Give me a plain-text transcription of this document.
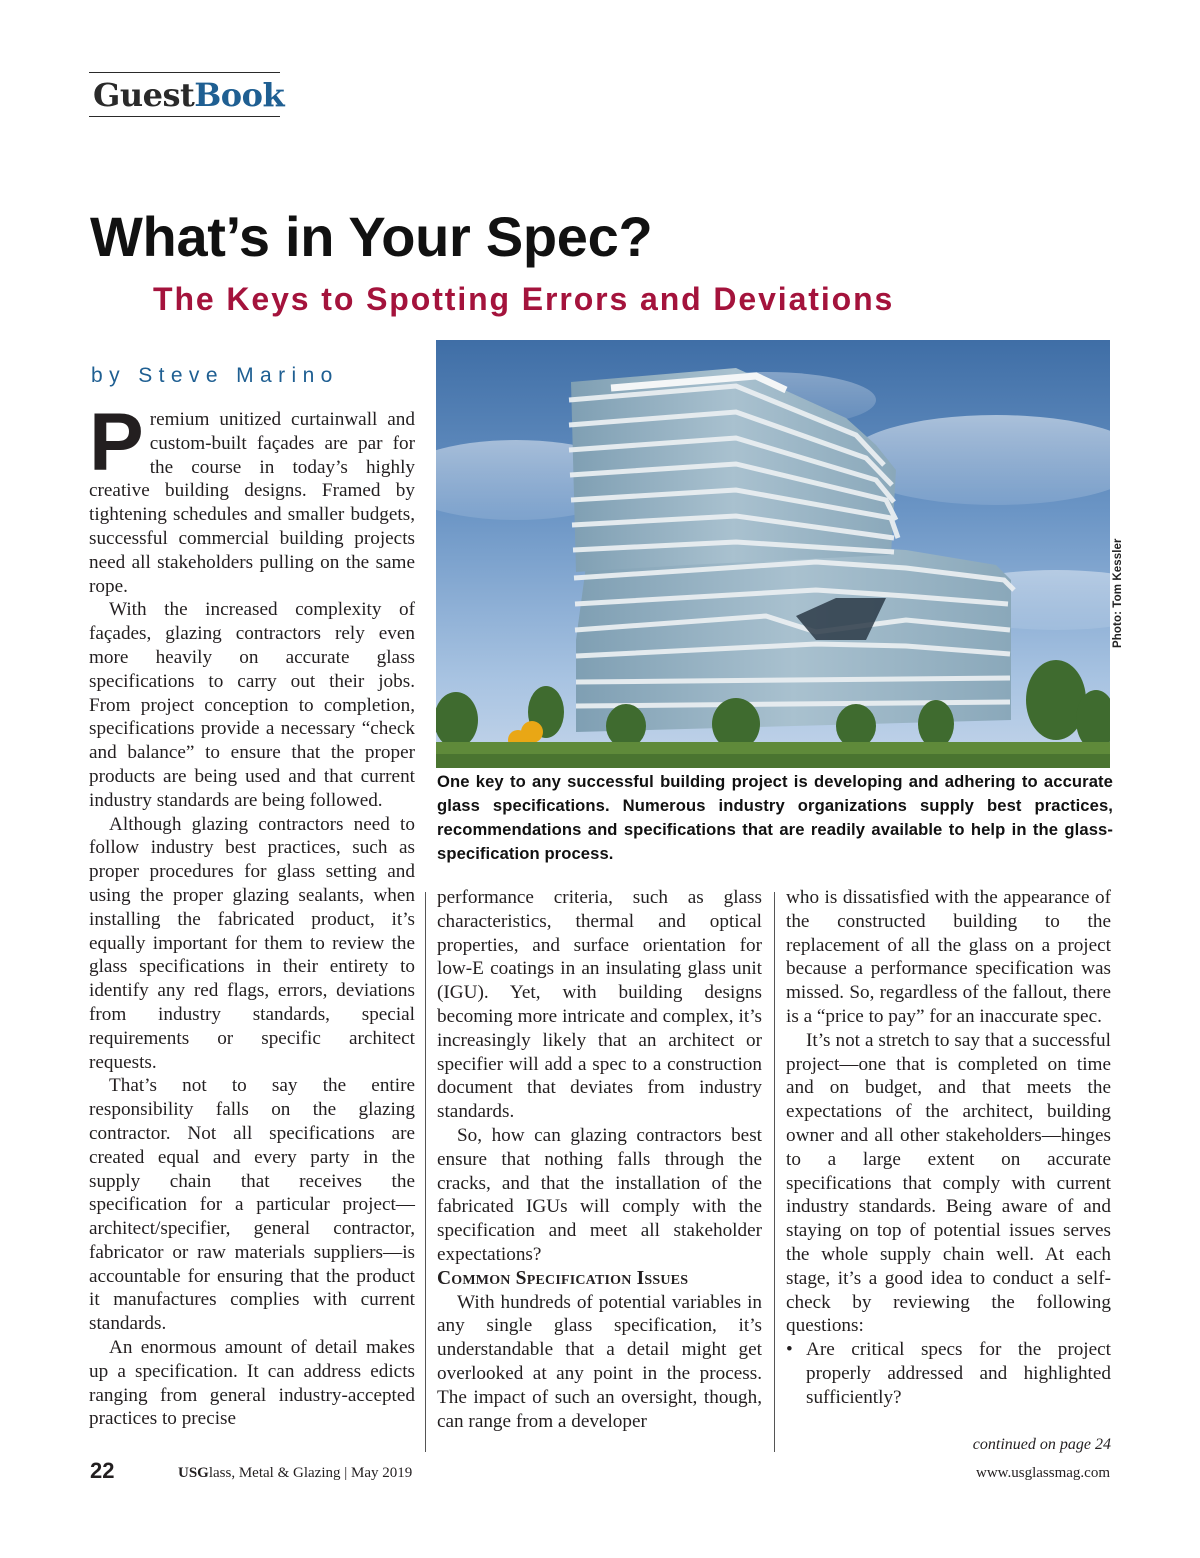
GuestBook
What’s in Your Spec?
The Keys to Spotting Errors and Deviations
by Steve Marino
Photo: Tom Kessler
One key to any successful building project is developing and adhering to accurate glass specifications. Numerous industry organizations supply best practices, recommendations and specifications that are readily available to help in the glass-specification process.

Premium unitized curtainwall and custom-built façades are par for the course in today’s highly creative building designs. Framed by tightening schedules and smaller budgets, successful commercial building projects need all stakeholders pulling on the same rope.

With the increased complexity of façades, glazing contractors rely even more heavily on accurate glass specifications to carry out their jobs. From project conception to completion, specifications provide a necessary “check and balance” to ensure that the proper products are being used and that current industry standards are being followed.

Although glazing contractors need to follow industry best practices, such as proper procedures for glass setting and using the proper glazing sealants, when installing the fabricated product, it’s equally important for them to review the glass specifications in their entirety to identify any red flags, errors, deviations from industry standards, special requirements or specific architect requests.

That’s not to say the entire responsibility falls on the glazing contractor. Not all specifications are created equal and every party in the supply chain that receives the specification for a particular project—architect/specifier, general contractor, fabricator or raw materials suppliers—is accountable for ensuring that the product it manufactures complies with current standards.

An enormous amount of detail makes up a specification. It can address edicts ranging from general industry-accepted practices to precise

performance criteria, such as glass characteristics, thermal and optical properties, and surface orientation for low-E coatings in an insulating glass unit (IGU). Yet, with building designs becoming more intricate and complex, it’s increasingly likely that an architect or specifier will add a spec to a construction document that deviates from industry standards.

So, how can glazing contractors best ensure that nothing falls through the cracks, and that the installation of the fabricated IGUs will comply with the specification and meet all stakeholder expectations?

Common Specification Issues

With hundreds of potential variables in any single glass specification, it’s understandable that a detail might get overlooked at any point in the process. The impact of such an oversight, though, can range from a developer

who is dissatisfied with the appearance of the constructed building to the replacement of all the glass on a project because a performance specification was missed. So, regardless of the fallout, there is a “price to pay” for an inaccurate spec.

It’s not a stretch to say that a successful project—one that is completed on time and on budget, and that meets the expectations of the architect, building owner and all other stakeholders—hinges to a large extent on accurate specifications that comply with current industry standards. Being aware of and staying on top of potential issues serves the whole supply chain well. At each stage, it’s a good idea to conduct a self-check by reviewing the following questions:

• Are critical specs for the project properly addressed and highlighted sufficiently?
continued on page 24
22	USGlass, Metal & Glazing | May 2019	www.usglassmag.com
